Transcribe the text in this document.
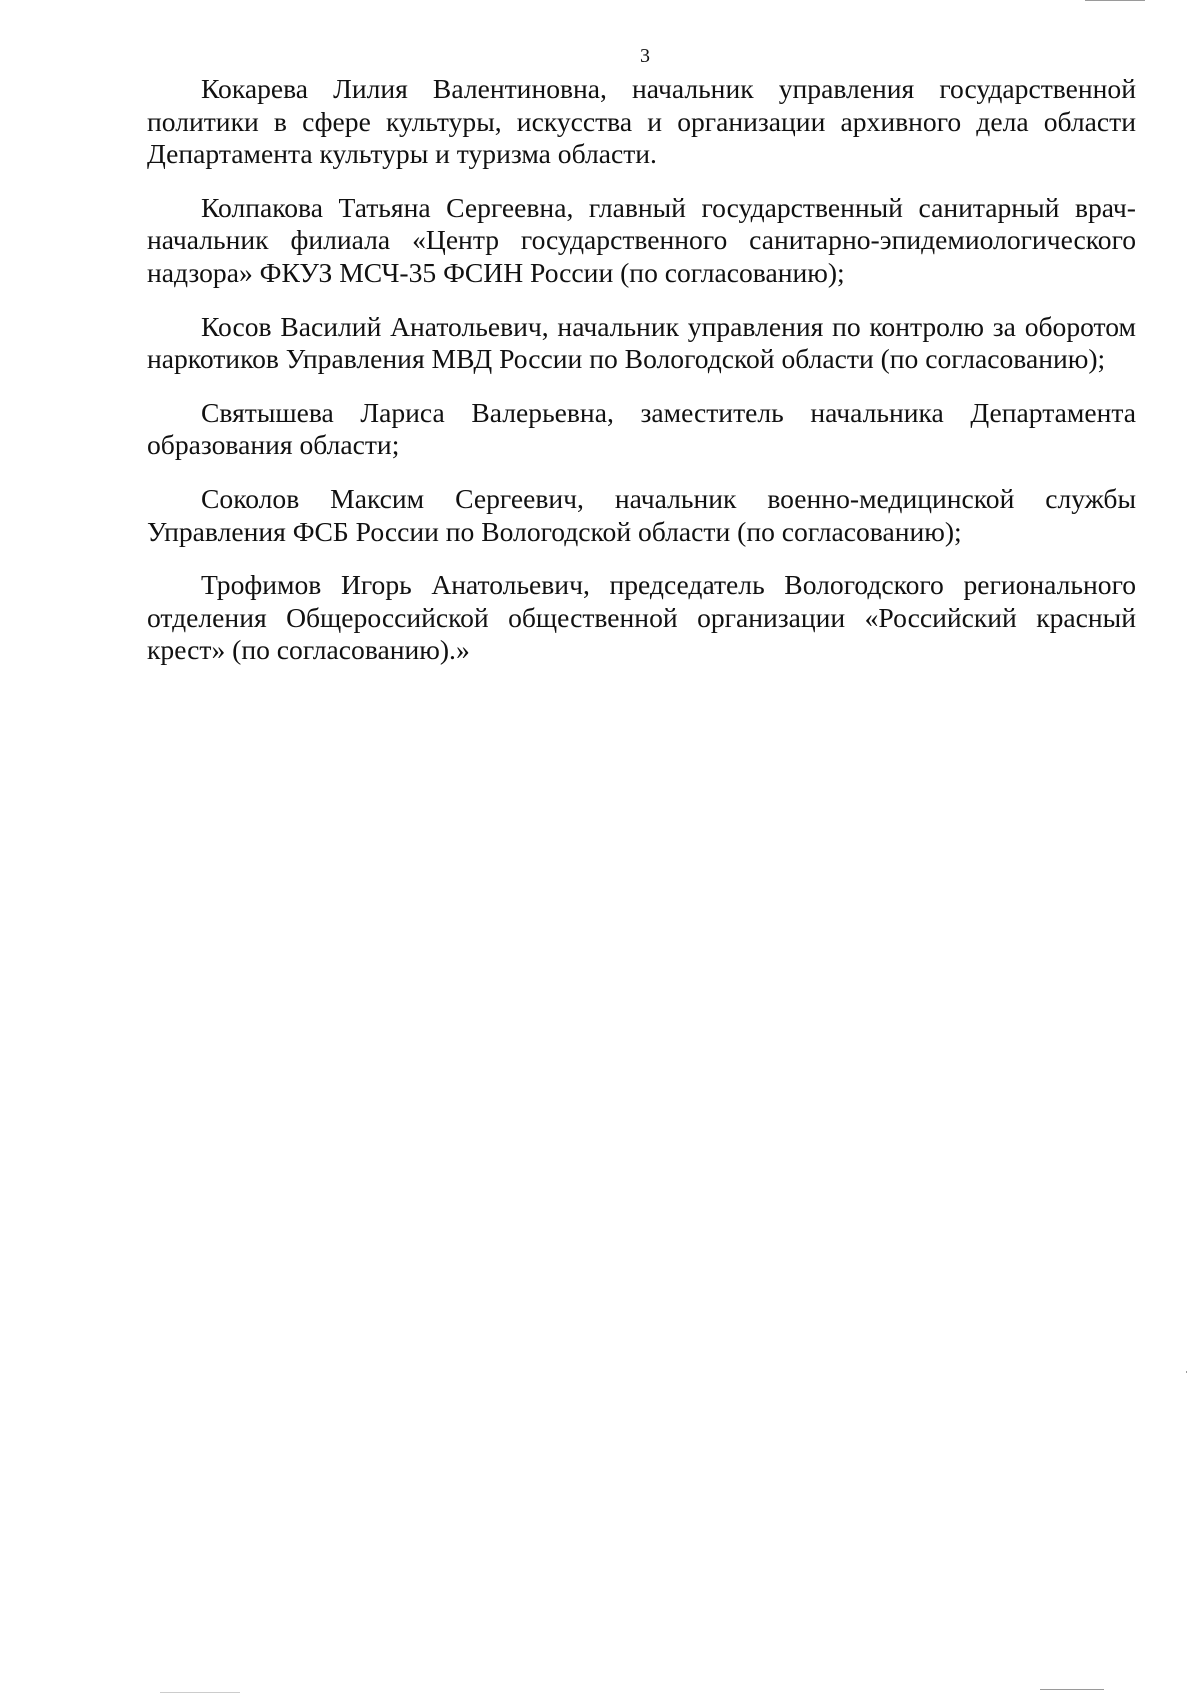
3

Кокарева Лилия Валентиновна, начальник управления государственной политики в сфере культуры, искусства и организации архивного дела области Департамента культуры и туризма области.

Колпакова Татьяна Сергеевна, главный государственный санитарный врач-начальник филиала «Центр государственного санитарно-эпидемиологического надзора» ФКУЗ МСЧ-35 ФСИН России (по согласованию);

Косов Василий Анатольевич, начальник управления по контролю за оборотом наркотиков Управления МВД России по Вологодской области (по согласованию);

Святышева Лариса Валерьевна, заместитель начальника Департамента образования области;

Соколов Максим Сергеевич, начальник военно-медицинской службы Управления ФСБ России по Вологодской области (по согласованию);

Трофимов Игорь Анатольевич, председатель Вологодского регионального отделения Общероссийской общественной организации «Российский красный крест» (по согласованию).»
